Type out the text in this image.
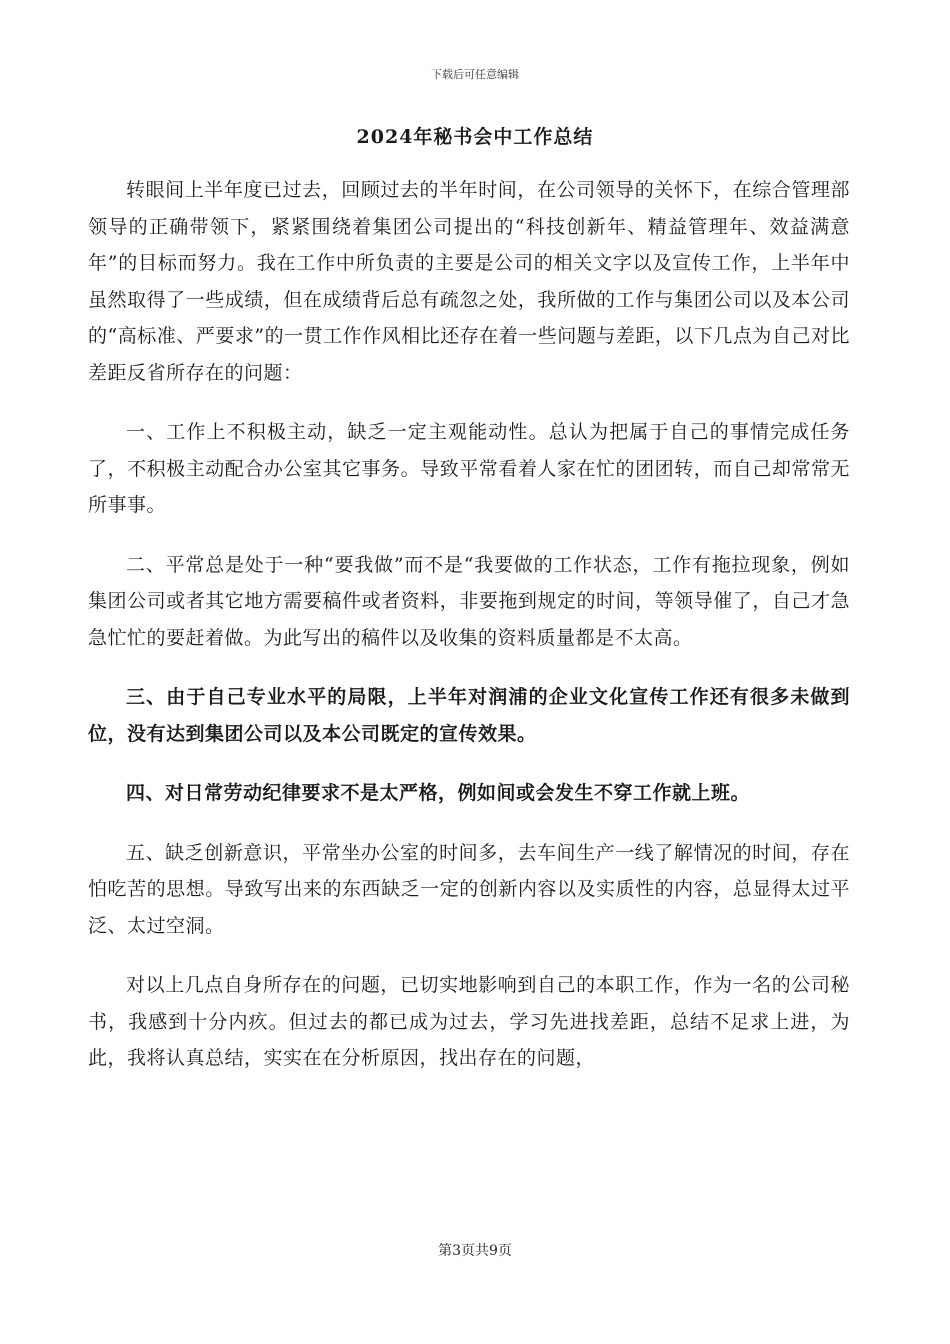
下载后可任意编辑
2024年秘书会中工作总结

转眼间上半年度已过去，回顾过去的半年时间，在公司领导的关怀下，在综合管理部领导的正确带领下，紧紧围绕着集团公司提出的“科技创新年、精益管理年、效益满意年”的目标而努力。我在工作中所负责的主要是公司的相关文字以及宣传工作，上半年中虽然取得了一些成绩，但在成绩背后总有疏忽之处，我所做的工作与集团公司以及本公司的“高标准、严要求”的一贯工作作风相比还存在着一些问题与差距，以下几点为自己对比差距反省所存在的问题：

一、工作上不积极主动，缺乏一定主观能动性。总认为把属于自己的事情完成任务了，不积极主动配合办公室其它事务。导致平常看着人家在忙的团团转，而自己却常常无所事事。

二、平常总是处于一种“要我做”而不是“我要做的工作状态，工作有拖拉现象，例如集团公司或者其它地方需要稿件或者资料，非要拖到规定的时间，等领导催了，自己才急急忙忙的要赶着做。为此写出的稿件以及收集的资料质量都是不太高。

三、由于自己专业水平的局限，上半年对润浦的企业文化宣传工作还有很多未做到位，没有达到集团公司以及本公司既定的宣传效果。

四、对日常劳动纪律要求不是太严格，例如间或会发生不穿工作就上班。

五、缺乏创新意识，平常坐办公室的时间多，去车间生产一线了解情况的时间，存在怕吃苦的思想。导致写出来的东西缺乏一定的创新内容以及实质性的内容，总显得太过平泛、太过空洞。

对以上几点自身所存在的问题，已切实地影响到自己的本职工作，作为一名的公司秘书，我感到十分内疚。但过去的都已成为过去，学习先进找差距，总结不足求上进，为此，我将认真总结，实实在在分析原因，找出存在的问题，

第3页共9页
